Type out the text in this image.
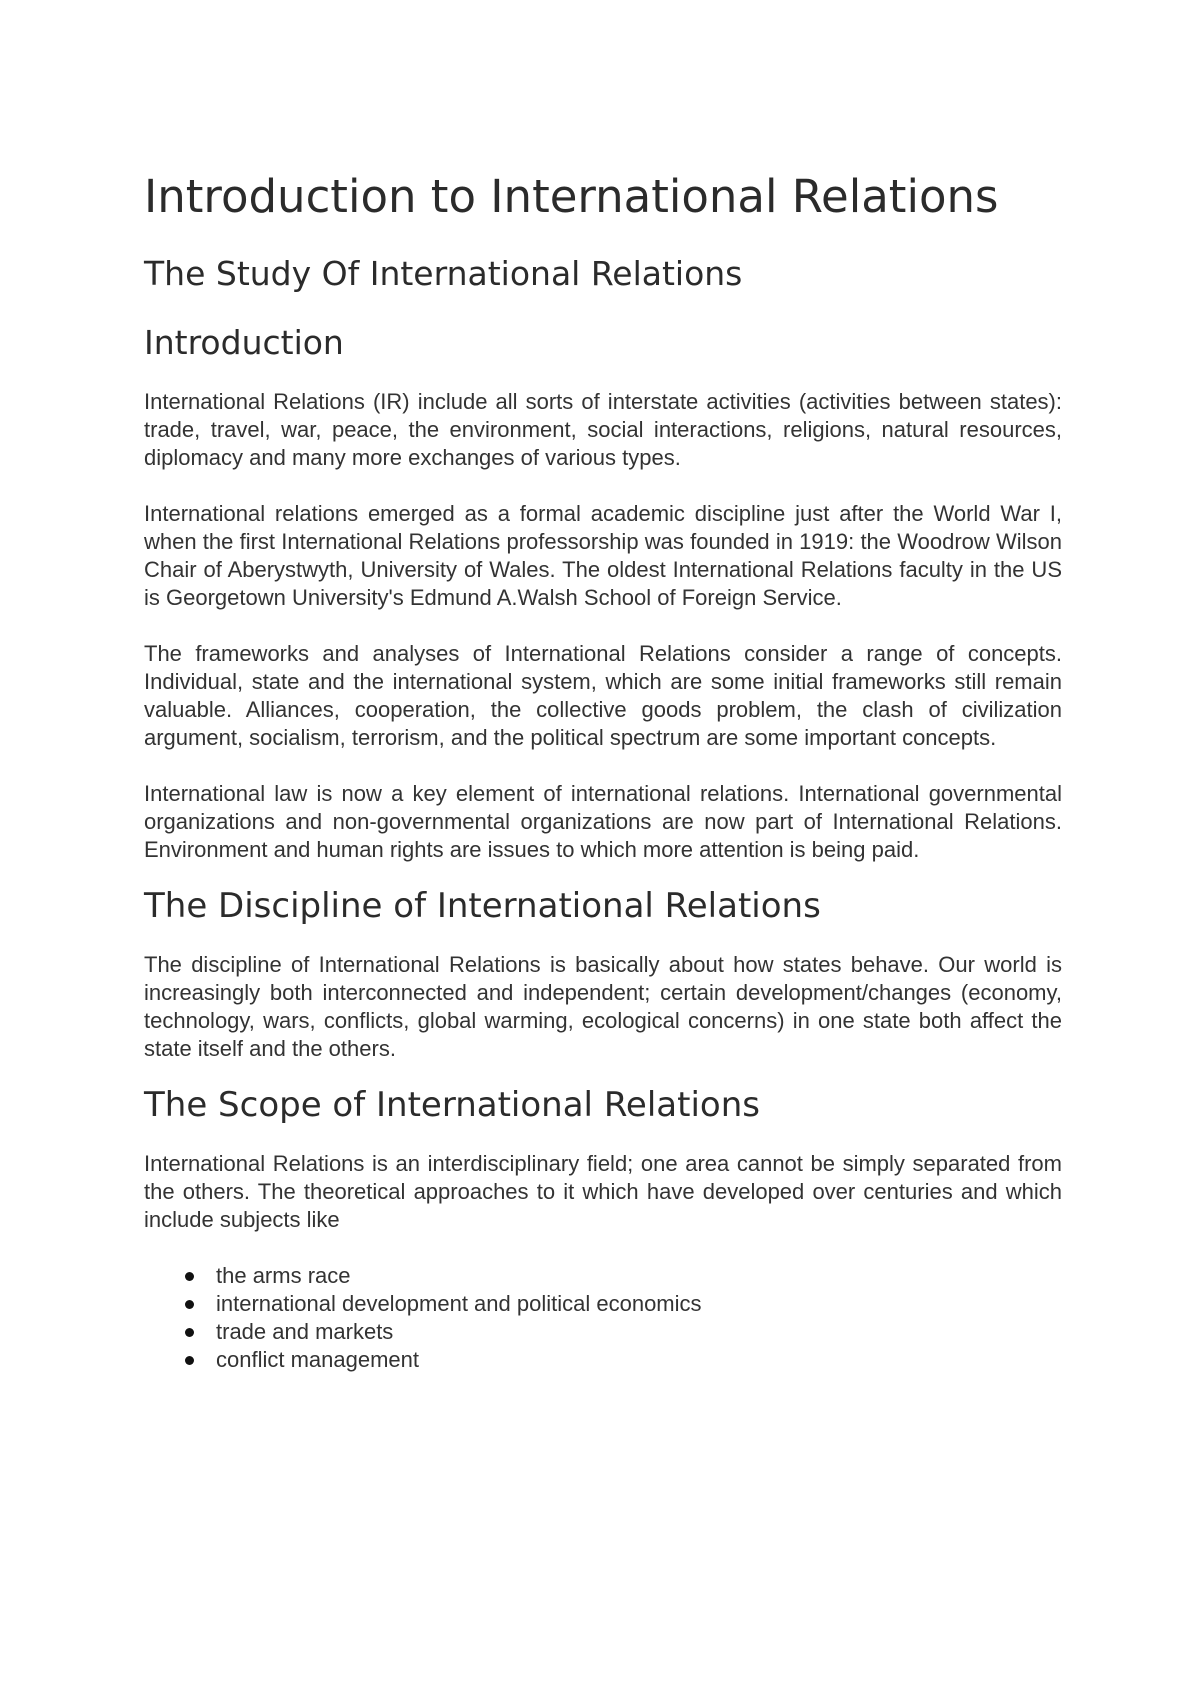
Introduction to International Relations
The Study Of International Relations
Introduction

International Relations (IR) include all sorts of interstate activities (activities between states): trade, travel, war, peace, the environment, social interactions, religions, natural resources, diplomacy and many more exchanges of various types.

International relations emerged as a formal academic discipline just after the World War I, when the first International Relations professorship was founded in 1919: the Woodrow Wilson Chair of Aberystwyth, University of Wales. The oldest International Relations faculty in the US is Georgetown University's Edmund A.Walsh School of Foreign Service.

The frameworks and analyses of International Relations consider a range of concepts. Individual, state and the international system, which are some initial frameworks still remain valuable. Alliances, cooperation, the collective goods problem, the clash of civilization argument, socialism, terrorism, and the political spectrum are some important concepts.

International law is now a key element of international relations. International governmental organizations and non-governmental organizations are now part of International Relations. Environment and human rights are issues to which more attention is being paid.

The Discipline of International Relations

The discipline of International Relations is basically about how states behave. Our world is increasingly both interconnected and independent; certain development/changes (economy, technology, wars, conflicts, global warming, ecological concerns) in one state both affect the state itself and the others.

The Scope of International Relations

International Relations is an interdisciplinary field; one area cannot be simply separated from the others. The theoretical approaches to it which have developed over centuries and which include subjects like

the arms race
international development and political economics
trade and markets
conflict management
